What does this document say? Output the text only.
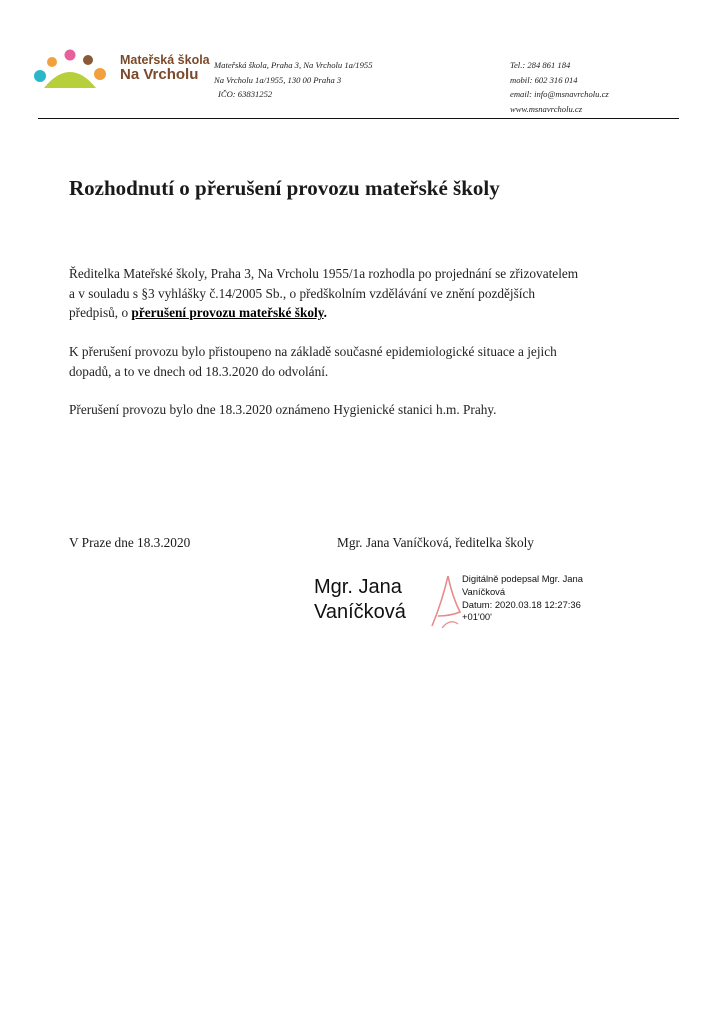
Mateřská škola
Na Vrcholu
Mateřská škola, Praha 3, Na Vrcholu 1a/1955
Na Vrcholu 1a/1955, 130 00 Praha 3
IČO: 63831252
Tel.: 284 861 184
mobil: 602 316 014
email: info@msnavrcholu.cz
www.msnavrcholu.cz
Rozhodnutí o přerušení provozu mateřské školy
Ředitelka Mateřské školy, Praha 3, Na Vrcholu 1955/1a rozhodla po projednání se zřizovatelem
a v souladu s §3 vyhlášky č.14/2005 Sb., o předškolním vzdělávání ve znění pozdějších
předpisů, o přerušení provozu mateřské školy.
K přerušení provozu bylo přistoupeno na základě současné epidemiologické situace a jejich
dopadů, a to ve dnech od 18.3.2020 do odvolání.
Přerušení provozu bylo dne 18.3.2020 oznámeno Hygienické stanici h.m. Prahy.
V Praze dne 18.3.2020	Mgr. Jana Vaníčková, ředitelka školy
Mgr. Jana
Vaníčková
Digitálně podepsal Mgr. Jana
Vaníčková
Datum: 2020.03.18 12:27:36
+01'00'
